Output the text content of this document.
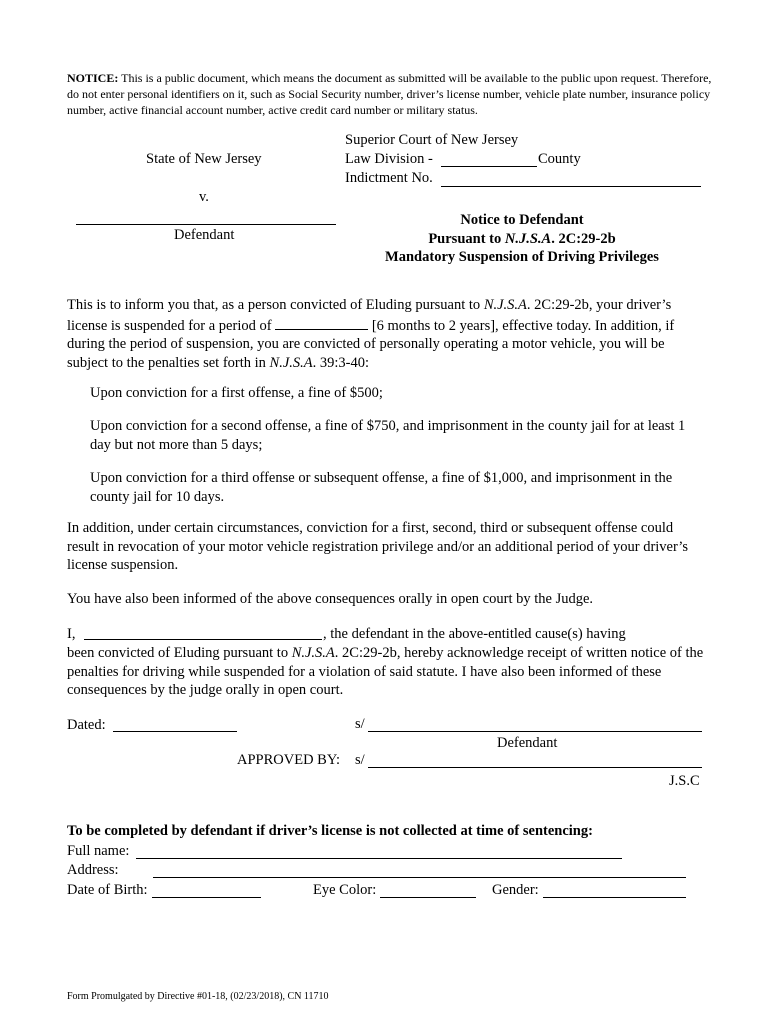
NOTICE: This is a public document, which means the document as submitted will be available to the public upon request. Therefore, do not enter personal identifiers on it, such as Social Security number, driver’s license number, vehicle plate number, insurance policy number, active financial account number, active credit card number or military status.
State of New Jersey
v.
Defendant
Superior Court of New Jersey
Law Division -	County
Indictment No.
Notice to Defendant
Pursuant to N.J.S.A. 2C:29-2b
Mandatory Suspension of Driving Privileges
This is to inform you that, as a person convicted of Eluding pursuant to N.J.S.A. 2C:29-2b, your driver’s license is suspended for a period of	[6 months to 2 years], effective today. In addition, if during the period of suspension, you are convicted of personally operating a motor vehicle, you will be subject to the penalties set forth in N.J.S.A. 39:3-40:
Upon conviction for a first offense, a fine of $500;
Upon conviction for a second offense, a fine of $750, and imprisonment in the county jail for at least 1 day but not more than 5 days;
Upon conviction for a third offense or subsequent offense, a fine of $1,000, and imprisonment in the county jail for 10 days.
In addition, under certain circumstances, conviction for a first, second, third or subsequent offense could result in revocation of your motor vehicle registration privilege and/or an additional period of your driver’s license suspension.
You have also been informed of the above consequences orally in open court by the Judge.
I,	, the defendant in the above-entitled cause(s) having
been convicted of Eluding pursuant to N.J.S.A. 2C:29-2b, hereby acknowledge receipt of written notice of the penalties for driving while suspended for a violation of said statute. I have also been informed of these consequences by the judge orally in open court.
Dated:	s/
Defendant
APPROVED BY: s/
J.S.C
To be completed by defendant if driver’s license is not collected at time of sentencing:
Full name:
Address:
Date of Birth:	Eye Color:	Gender:
Form Promulgated by Directive #01-18, (02/23/2018), CN 11710
